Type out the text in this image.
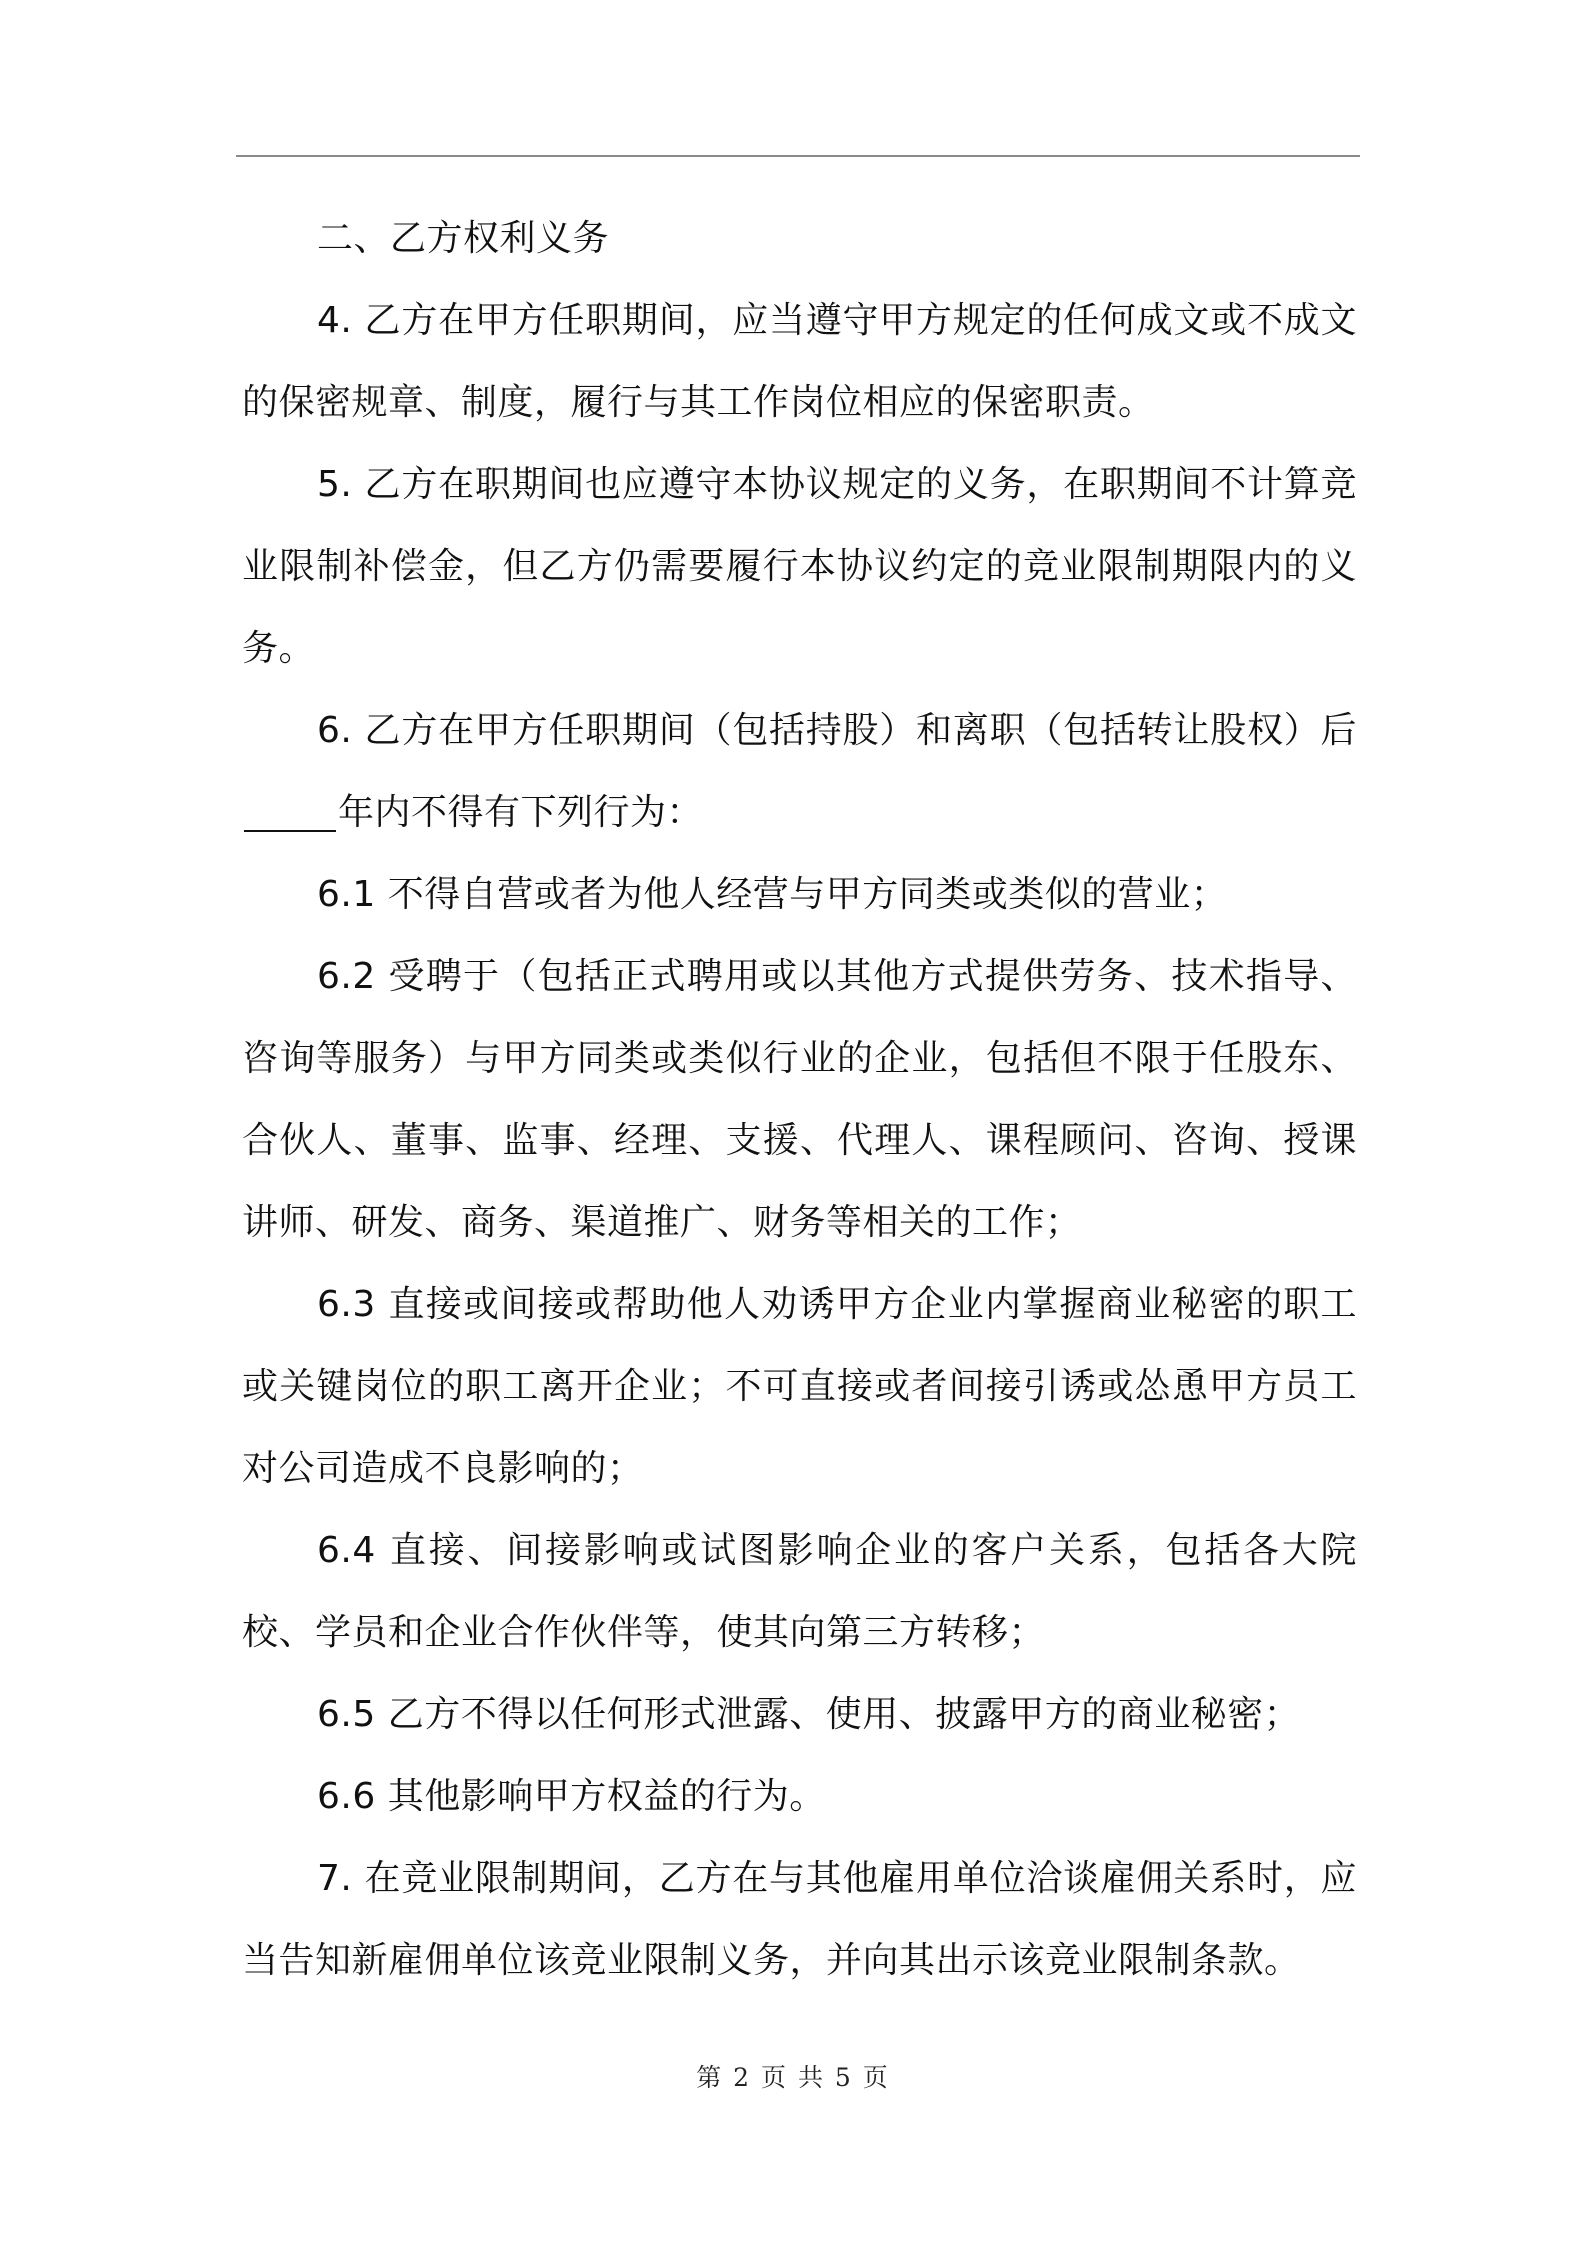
二、乙方权利义务

4. 乙方在甲方任职期间，应当遵守甲方规定的任何成文或不成文的保密规章、制度，履行与其工作岗位相应的保密职责。

5. 乙方在职期间也应遵守本协议规定的义务，在职期间不计算竞业限制补偿金，但乙方仍需要履行本协议约定的竞业限制期限内的义务。

6. 乙方在甲方任职期间（包括持股）和离职（包括转让股权）后年内不得有下列行为：

6.1 不得自营或者为他人经营与甲方同类或类似的营业；

6.2 受聘于（包括正式聘用或以其他方式提供劳务、技术指导、咨询等服务）与甲方同类或类似行业的企业，包括但不限于任股东、合伙人、董事、监事、经理、支援、代理人、课程顾问、咨询、授课讲师、研发、商务、渠道推广、财务等相关的工作；

6.3 直接或间接或帮助他人劝诱甲方企业内掌握商业秘密的职工或关键岗位的职工离开企业；不可直接或者间接引诱或怂恿甲方员工对公司造成不良影响的；

6.4 直接、间接影响或试图影响企业的客户关系，包括各大院校、学员和企业合作伙伴等，使其向第三方转移；

6.5 乙方不得以任何形式泄露、使用、披露甲方的商业秘密；

6.6 其他影响甲方权益的行为。

7. 在竞业限制期间，乙方在与其他雇用单位洽谈雇佣关系时，应当告知新雇佣单位该竞业限制义务，并向其出示该竞业限制条款。

第 2 页 共 5 页
